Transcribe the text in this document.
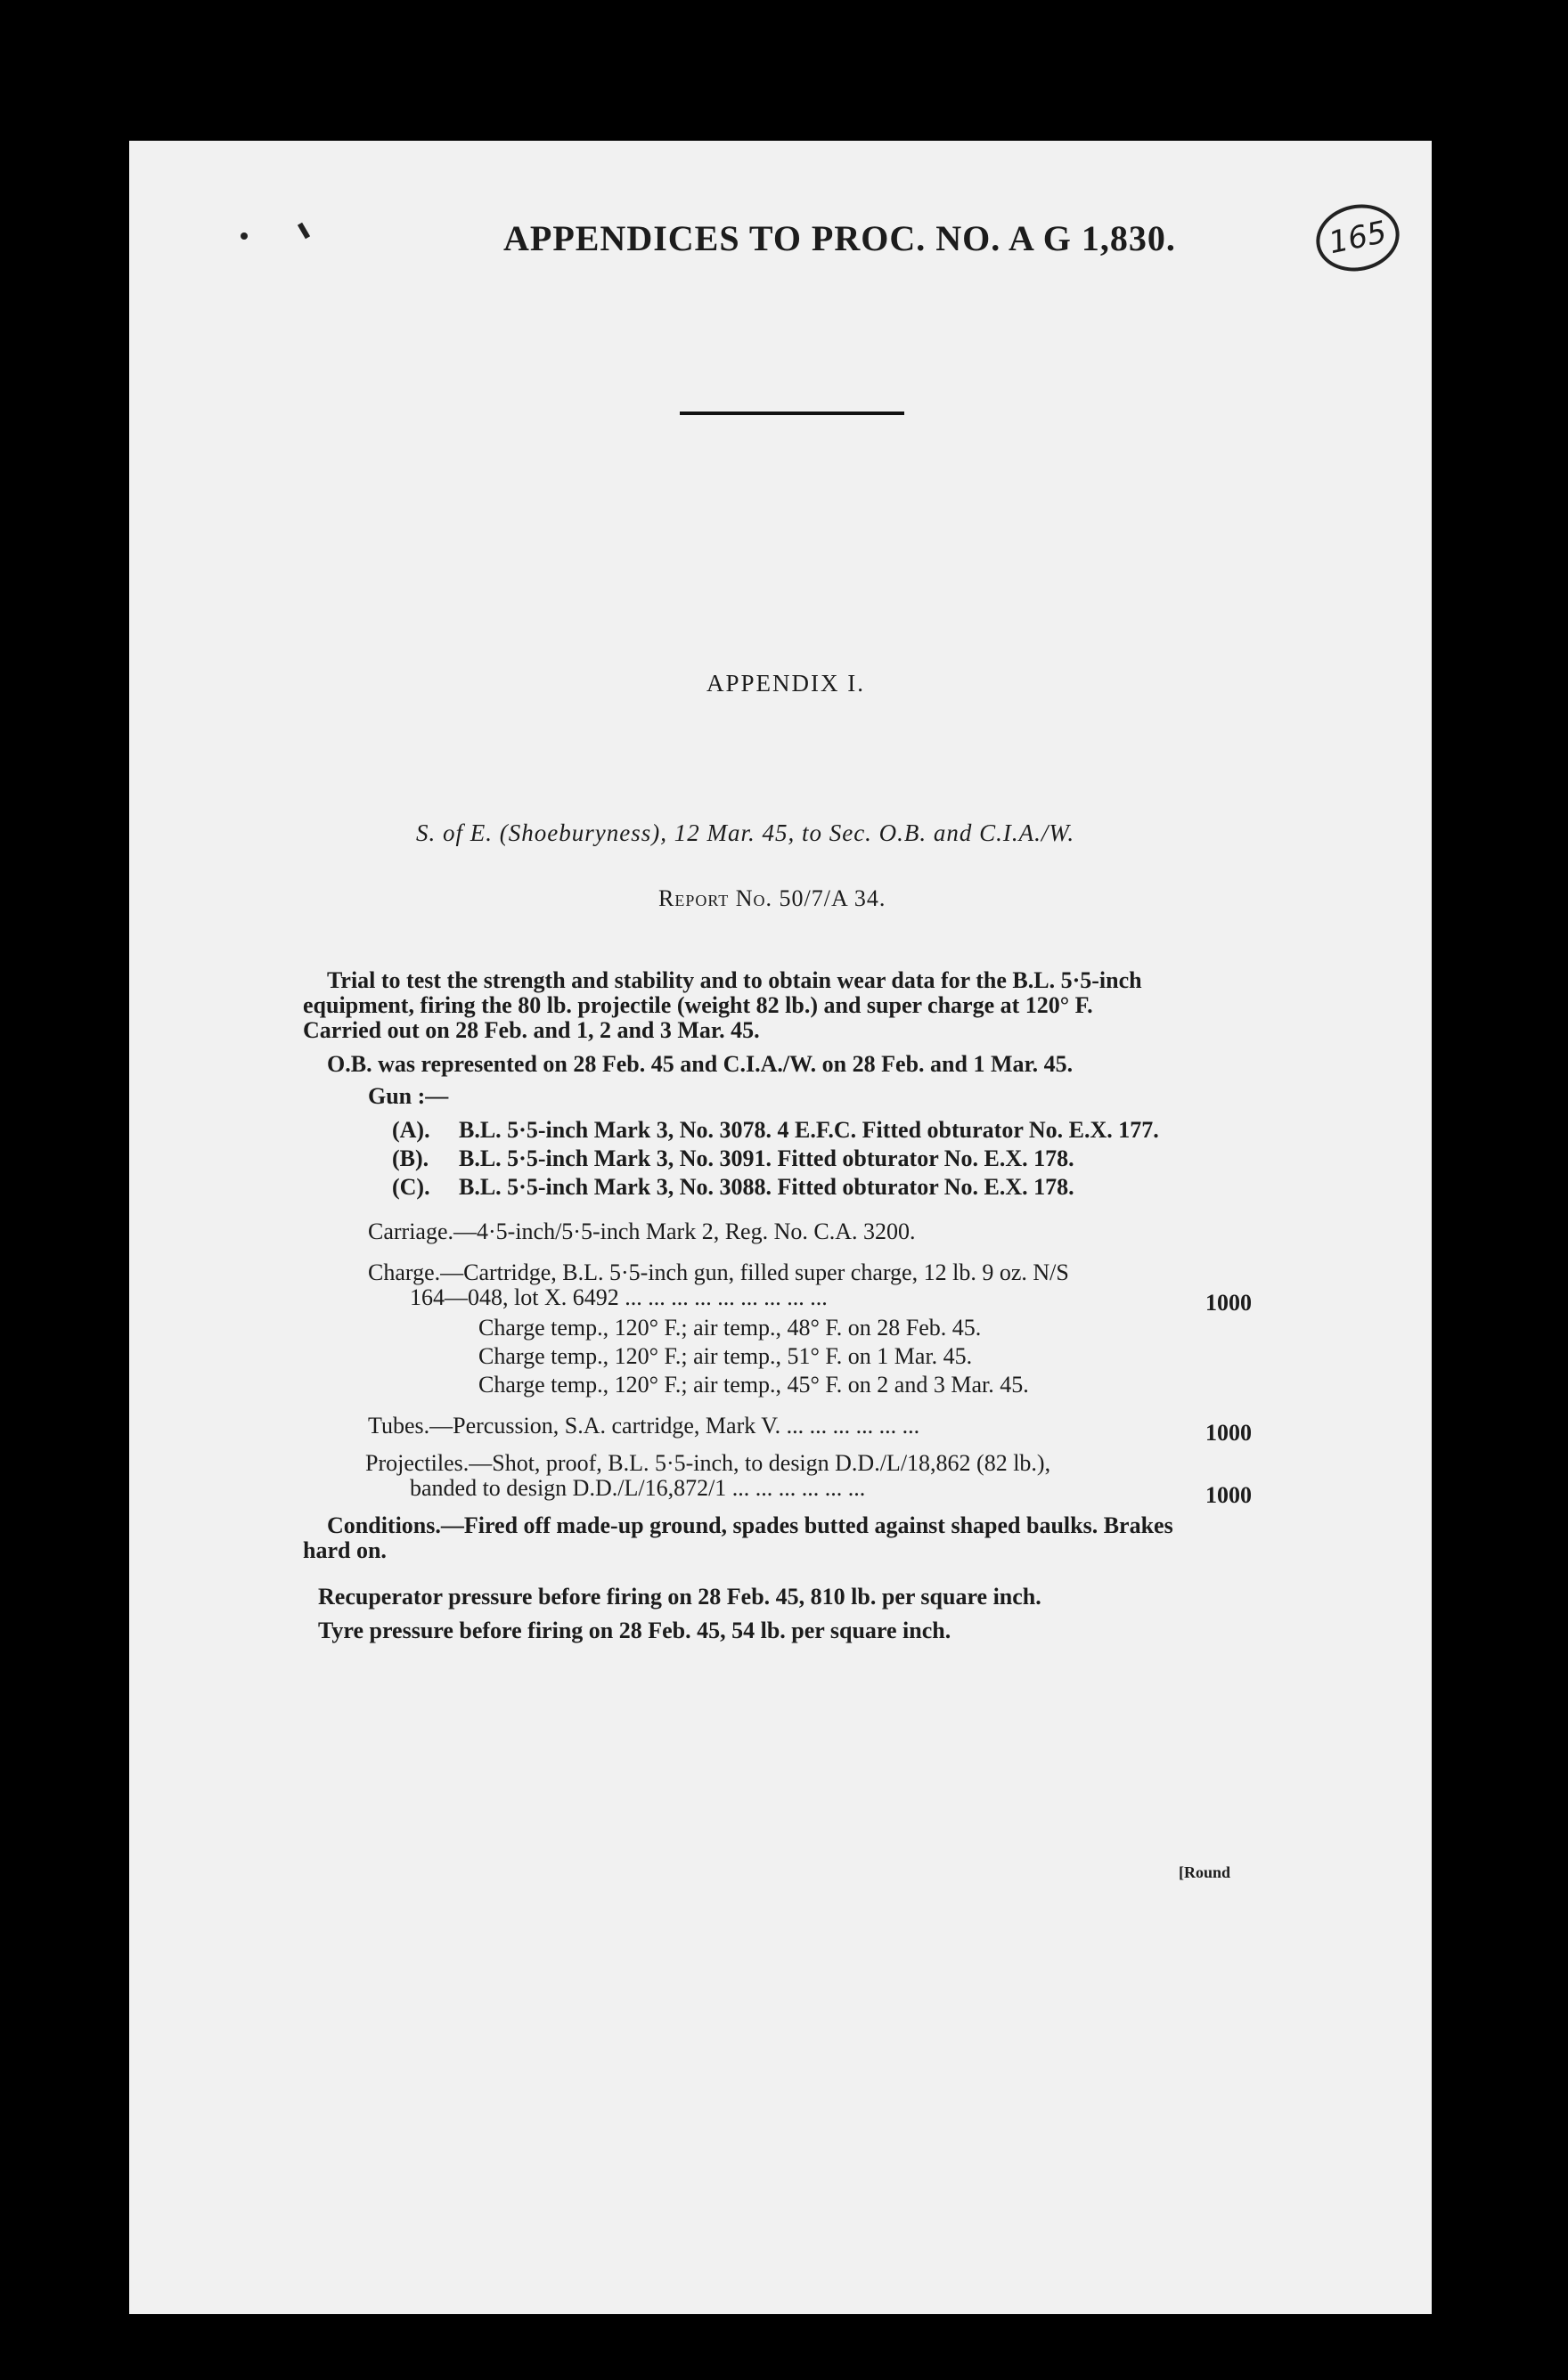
APPENDICES TO PROC. NO. A G 1,830.	165
APPENDIX I.
S. of E. (Shoeburyness), 12 Mar. 45, to Sec. O.B. and C.I.A./W.
Report No. 50/7/A 34.
Trial to test the strength and stability and to obtain wear data for the B.L. 5·5-inch
equipment, firing the 80 lb. projectile (weight 82 lb.) and super charge at 120° F.
Carried out on 28 Feb. and 1, 2 and 3 Mar. 45.
O.B. was represented on 28 Feb. 45 and C.I.A./W. on 28 Feb. and 1 Mar. 45.
Gun :—
(A). B.L. 5·5-inch Mark 3, No. 3078. 4 E.F.C. Fitted obturator No. E.X. 177.
(B). B.L. 5·5-inch Mark 3, No. 3091. Fitted obturator No. E.X. 178.
(C). B.L. 5·5-inch Mark 3, No. 3088. Fitted obturator No. E.X. 178.
Carriage.—4·5-inch/5·5-inch Mark 2, Reg. No. C.A. 3200.
Charge.—Cartridge, B.L. 5·5-inch gun, filled super charge, 12 lb. 9 oz. N/S
164—048, lot X. 6492 ... ... ... ... ... ... ... ... ...	1000
Charge temp., 120° F.; air temp., 48° F. on 28 Feb. 45.
Charge temp., 120° F.; air temp., 51° F. on 1 Mar. 45.
Charge temp., 120° F.; air temp., 45° F. on 2 and 3 Mar. 45.
Tubes.—Percussion, S.A. cartridge, Mark V. ... ... ... ... ... ...	1000
Projectiles.—Shot, proof, B.L. 5·5-inch, to design D.D./L/18,862 (82 lb.),
banded to design D.D./L/16,872/1 ... ... ... ... ... ...	1000
Conditions.—Fired off made-up ground, spades butted against shaped baulks. Brakes
hard on.
Recuperator pressure before firing on 28 Feb. 45, 810 lb. per square inch.
Tyre pressure before firing on 28 Feb. 45, 54 lb. per square inch.
[Round
